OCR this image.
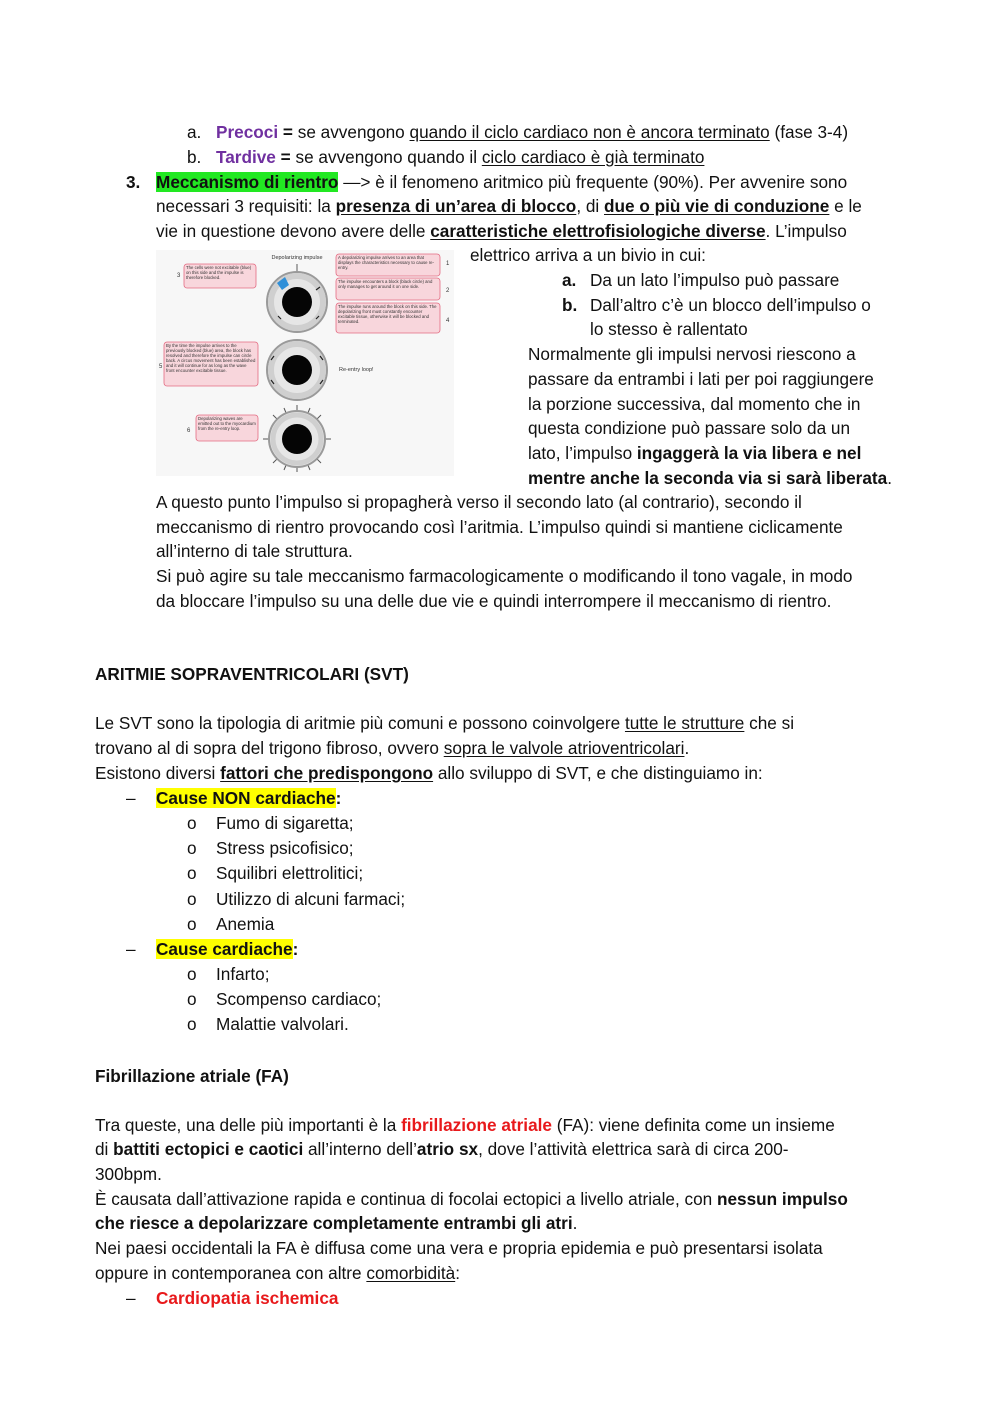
a. Precoci = se avvengono quando il ciclo cardiaco non è ancora terminato (fase 3-4)
b. Tardive = se avvengono quando il ciclo cardiaco è già terminato
3. Meccanismo di rientro —> è il fenomeno aritmico più frequente (90%). Per avvenire sono
necessari 3 requisiti: la presenza di un’area di blocco, di due o più vie di conduzione e le
vie in questione devono avere delle caratteristiche elettrofisiologiche diverse. L’impulso
elettrico arriva a un bivio in cui:
a. Da un lato l’impulso può passare
b. Dall’altro c’è un blocco dell’impulso o
lo stesso è rallentato
Normalmente gli impulsi nervosi riescono a
passare da entrambi i lati per poi raggiungere
la porzione successiva, dal momento che in
questa condizione può passare solo da un
lato, l’impulso ingaggerà la via libera e nel
mentre anche la seconda via si sarà liberata.
A questo punto l’impulso si propagherà verso il secondo lato (al contrario), secondo il
meccanismo di rientro provocando così l’aritmia. L’impulso quindi si mantiene ciclicamente
all’interno di tale struttura.
Si può agire su tale meccanismo farmacologicamente o modificando il tono vagale, in modo
da bloccare l’impulso su una delle due vie e quindi interrompere il meccanismo di rientro.
Depolarizing impulse
3
1
2
4
5
6
The cells were not excitable (blue) on this side and the impulse is therefore blocked.
A depolarizing impulse arrives to an area that displays the characteristics necessary to cause re-entry.
The impulse encounters a block (black circle) and only manages to get around it on one side.
The impulse runs around the block on this side. The depolarizing front must constantly encounter excitable tissue, otherwise it will be blocked and terminated.
By the time the impulse arrives to the previously blocked (blue) area, the block has resolved and therefore the impulse can circle back. A circus movement has been established and it will continue for as long as the wave front encounter excitable tissue.	Re-entry loop!
Depolarizing waves are emitted out to the myocardium from the re-entry loop.
ARITMIE SOPRAVENTRICOLARI (SVT)
Le SVT sono la tipologia di aritmie più comuni e possono coinvolgere tutte le strutture che si
trovano al di sopra del trigono fibroso, ovvero sopra le valvole atrioventricolari.
Esistono diversi fattori che predispongono allo sviluppo di SVT, e che distinguiamo in:
– Cause NON cardiache:
o Fumo di sigaretta;
o Stress psicofisico;
o Squilibri elettrolitici;
o Utilizzo di alcuni farmaci;
o Anemia
– Cause cardiache:
o Infarto;
o Scompenso cardiaco;
o Malattie valvolari.
Fibrillazione atriale (FA)
Tra queste, una delle più importanti è la fibrillazione atriale (FA): viene definita come un insieme
di battiti ectopici e caotici all’interno dell’atrio sx, dove l’attività elettrica sarà di circa 200-
300bpm.
È causata dall’attivazione rapida e continua di focolai ectopici a livello atriale, con nessun impulso
che riesce a depolarizzare completamente entrambi gli atri.
Nei paesi occidentali la FA è diffusa come una vera e propria epidemia e può presentarsi isolata
oppure in contemporanea con altre comorbidità:
– Cardiopatia ischemica
